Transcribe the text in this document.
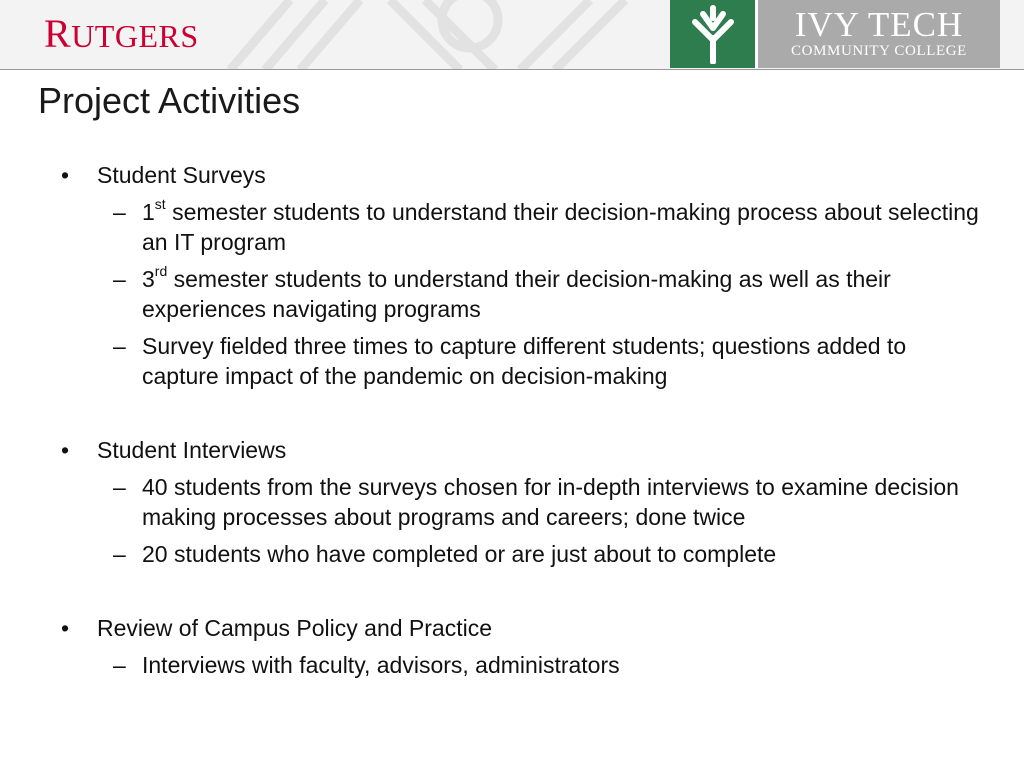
RUTGERS	IVY TECH
COMMUNITY COLLEGE
Project Activities
• Student Surveys
– 1st semester students to understand their decision-making process about selecting an IT program
– 3rd semester students to understand their decision-making as well as their experiences navigating programs
– Survey fielded three times to capture different students; questions added to capture impact of the pandemic on decision-making
• Student Interviews
– 40 students from the surveys chosen for in-depth interviews to examine decision making processes about programs and careers; done twice
– 20 students who have completed or are just about to complete
• Review of Campus Policy and Practice
– Interviews with faculty, advisors, administrators
